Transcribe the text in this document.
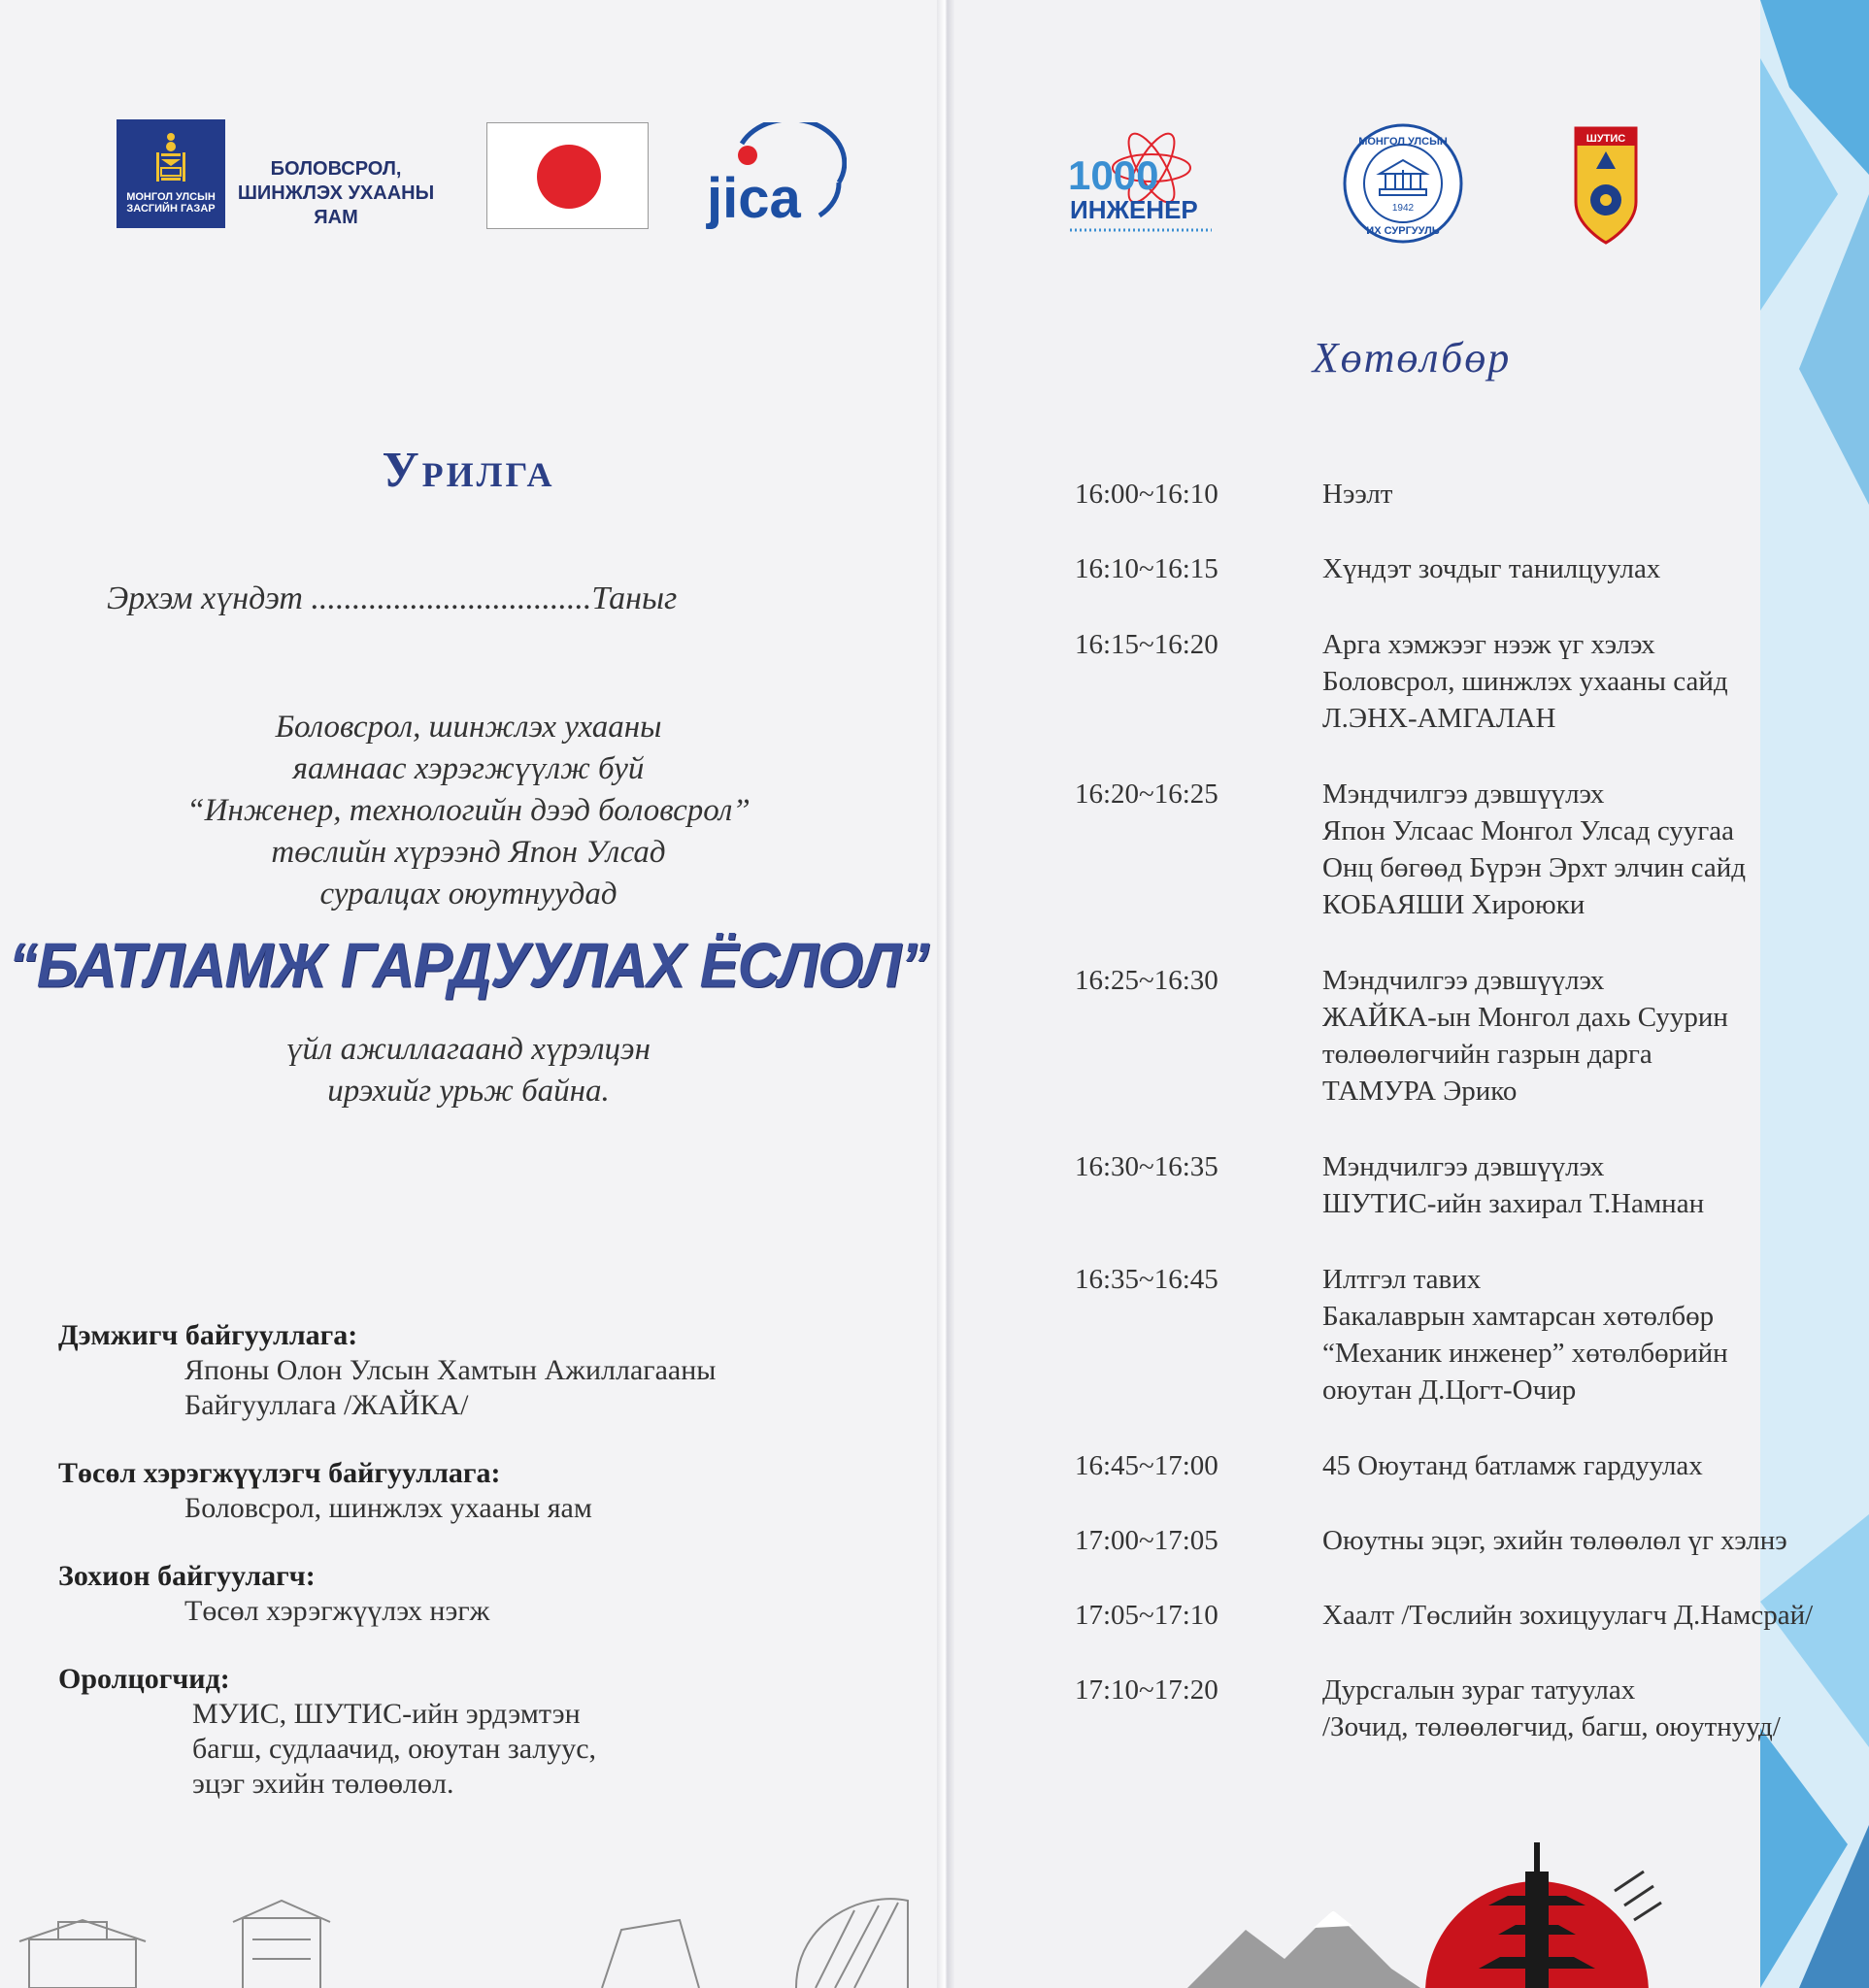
МОНГОЛ УЛСЫН ЗАСГИЙН ГАЗАР
БОЛОВСРОЛ,
ШИНЖЛЭХ УХААНЫ
ЯАМ	jica
Урилга
Эрхэм хүндэт ..................................Таныг
Боловсрол, шинжлэх ухааны
яамнаас хэрэгжүүлж буй
“Инженер, технологийн дээд боловсрол”
төслийн хүрээнд Япон Улсад
суралцах оюутнуудад
“БАТЛАМЖ ГАРДУУЛАХ ЁСЛОЛ”
үйл ажиллагаанд хүрэлцэн
ирэхийг урьж байна.
Дэмжигч байгууллага:
Японы Олон Улсын Хамтын Ажиллагааны
Байгууллага /ЖАЙКА/
Төсөл хэрэгжүүлэгч байгууллага:
Боловсрол, шинжлэх ухааны яам
Зохион байгуулагч:
Төсөл хэрэгжүүлэх нэгж
Оролцогчид:
МУИС, ШУТИС-ийн эрдэмтэн
багш, судлаачид, оюутан залуус,
эцэг эхийн төлөөлөл.
1000
ИНЖЕНЕР
МОНГОЛ УЛСЫН
ИХ СУРГУУЛЬ
1942
ШУТИС
Хөтөлбөр
16:00~16:10	Нээлт
16:10~16:15	Хүндэт зочдыг танилцуулах
16:15~16:20	Арга хэмжээг нээж үг хэлэх
Боловсрол, шинжлэх ухааны сайд
Л.ЭНХ-АМГАЛАН
16:20~16:25	Мэндчилгээ дэвшүүлэх
Япон Улсаас Монгол Улсад суугаа
Онц бөгөөд Бүрэн Эрхт элчин сайд
КОБАЯШИ Хироюки
16:25~16:30	Мэндчилгээ дэвшүүлэх
ЖАЙКА-ын Монгол дахь Суурин
төлөөлөгчийн газрын дарга
ТАМУРА Эрико
16:30~16:35	Мэндчилгээ дэвшүүлэх
ШУТИС-ийн захирал Т.Намнан
16:35~16:45	Илтгэл тавих
Бакалаврын хамтарсан хөтөлбөр
“Механик инженер” хөтөлбөрийн
оюутан Д.Цогт-Очир
16:45~17:00	45 Оюутанд батламж гардуулах
17:00~17:05	Оюутны эцэг, эхийн төлөөлөл үг хэлнэ
17:05~17:10	Хаалт /Төслийн зохицуулагч Д.Намсрай/
17:10~17:20	Дурсгалын зураг татуулах
/Зочид, төлөөлөгчид, багш, оюутнууд/
